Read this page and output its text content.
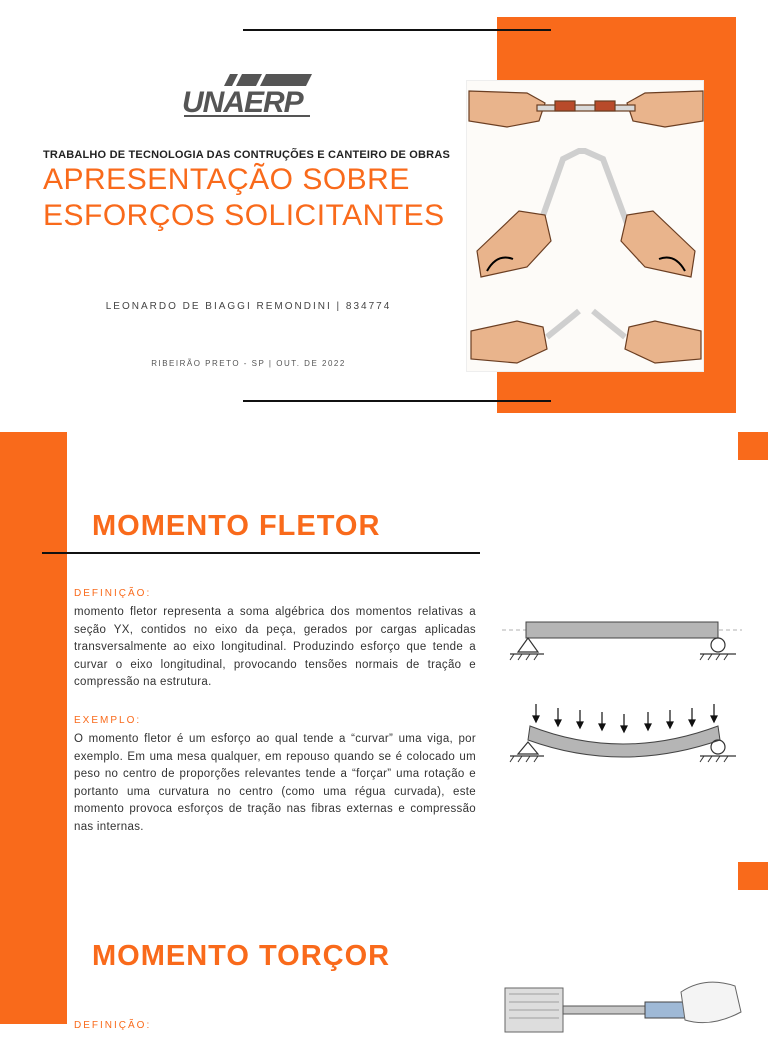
UNAERP
TRABALHO DE TECNOLOGIA DAS CONTRUÇÕES E CANTEIRO DE OBRAS
APRESENTAÇÃO SOBRE
ESFORÇOS SOLICITANTES
LEONARDO DE BIAGGI REMONDINI | 834774
RIBEIRÃO PRETO - SP | OUT. DE 2022
MOMENTO FLETOR
DEFINIÇÃO:

momento fletor representa a soma algébrica dos momentos relativas a seção YX, contidos no eixo da peça, gerados por cargas aplicadas transversalmente ao eixo longitudinal. Produzindo esforço que tende a curvar o eixo longitudinal, provocando tensões normais de tração e compressão na estrutura.

EXEMPLO:

O momento fletor é um esforço ao qual tende a “curvar” uma viga, por exemplo. Em uma mesa qualquer, em repouso quando se é colocado um peso no centro de proporções relevantes tende a “forçar” uma rotação e portanto uma curvatura no centro (como uma régua curvada), este momento provoca esforços de tração nas fibras externas e compressão nas internas.

MOMENTO TORÇOR
DEFINIÇÃO:
